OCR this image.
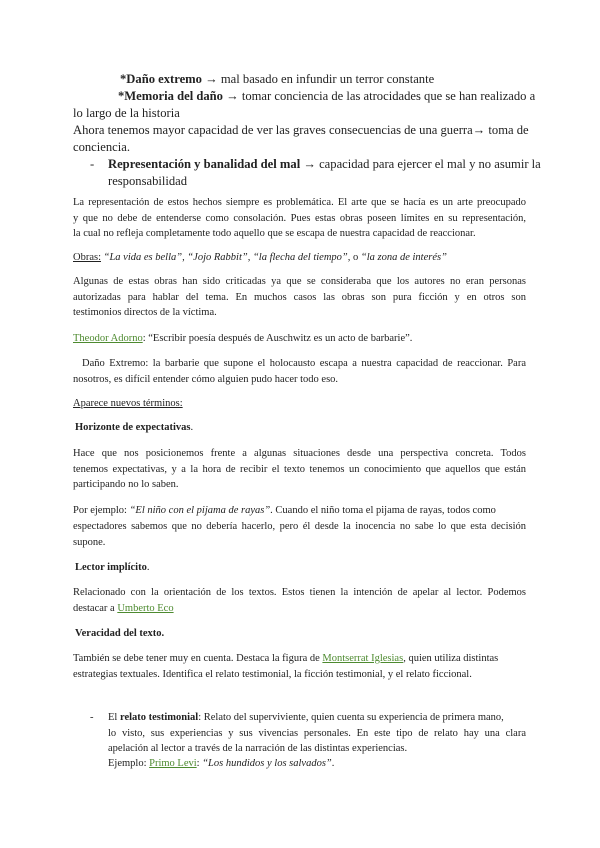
*Daño extremo → mal basado en infundir un terror constante
*Memoria del daño → tomar conciencia de las atrocidades que se han realizado a
lo largo de la historia
Ahora tenemos mayor capacidad de ver las graves consecuencias de una guerra→ toma de
conciencia.
- Representación y banalidad del mal → capacidad para ejercer el mal y no asumir la
responsabilidad
La representación de estos hechos siempre es problemática. El arte que se hacía es un arte preocupado
y que no debe de entenderse como consolación. Pues estas obras poseen límites en su representación,
la cual no refleja completamente todo aquello que se escapa de nuestra capacidad de reaccionar.
Obras: “La vida es bella”, “Jojo Rabbit”, “la flecha del tiempo”, o “la zona de interés”
Algunas de estas obras han sido criticadas ya que se consideraba que los autores no eran personas
autorizadas para hablar del tema. En muchos casos las obras son pura ficción y en otros son
testimonios directos de la víctima.
Theodor Adorno: “Escribir poesía después de Auschwitz es un acto de barbarie”.
Daño Extremo: la barbarie que supone el holocausto escapa a nuestra capacidad de reaccionar. Para
nosotros, es difícil entender cómo alguien pudo hacer todo eso.
Aparece nuevos términos:
Horizonte de expectativas.
Hace que nos posicionemos frente a algunas situaciones desde una perspectiva concreta. Todos
tenemos expectativas, y a la hora de recibir el texto tenemos un conocimiento que aquellos que están
participando no lo saben.
Por ejemplo: “El niño con el pijama de rayas”. Cuando el niño toma el pijama de rayas, todos como
espectadores sabemos que no debería hacerlo, pero él desde la inocencia no sabe lo que esta decisión
supone.
Lector implícito.
Relacionado con la orientación de los textos. Estos tienen la intención de apelar al lector. Podemos
destacar a Umberto Eco
Veracidad del texto.
También se debe tener muy en cuenta. Destaca la figura de Montserrat Iglesias, quien utiliza distintas
estrategias textuales. Identifica el relato testimonial, la ficción testimonial, y el relato ficcional.
- El relato testimonial: Relato del superviviente, quien cuenta su experiencia de primera mano,
lo visto, sus experiencias y sus vivencias personales. En este tipo de relato hay una clara
apelación al lector a través de la narración de las distintas experiencias.
Ejemplo: Primo Levi: “Los hundidos y los salvados”.
